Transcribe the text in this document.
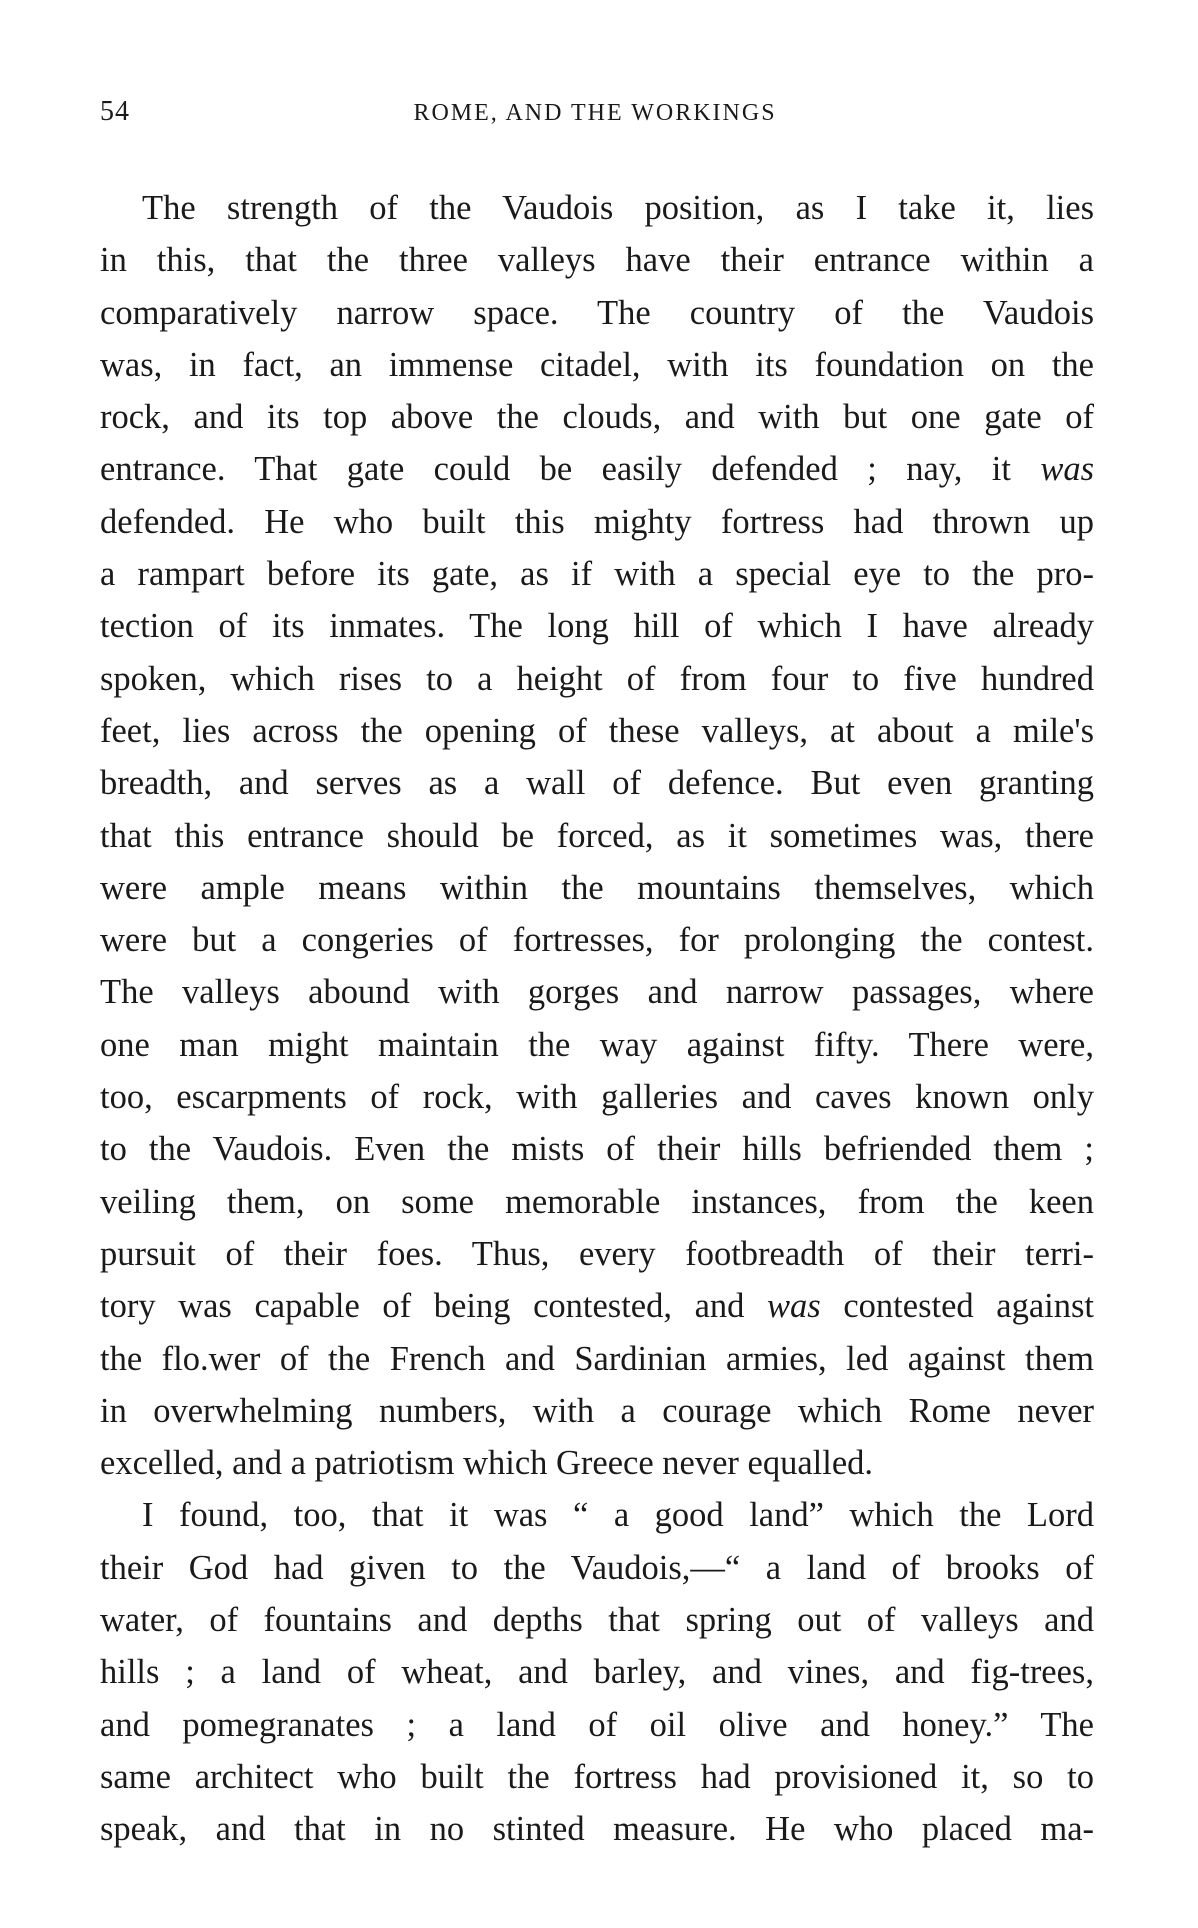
54	ROME, AND THE WORKINGS
The strength of the Vaudois position, as I take it, lies
in this, that the three valleys have their entrance within a
comparatively narrow space. The country of the Vaudois
was, in fact, an immense citadel, with its foundation on the
rock, and its top above the clouds, and with but one gate of
entrance. That gate could be easily defended ; nay, it was
defended. He who built this mighty fortress had thrown up
a rampart before its gate, as if with a special eye to the pro-
tection of its inmates. The long hill of which I have already
spoken, which rises to a height of from four to five hundred
feet, lies across the opening of these valleys, at about a mile's
breadth, and serves as a wall of defence. But even granting
that this entrance should be forced, as it sometimes was, there
were ample means within the mountains themselves, which
were but a congeries of fortresses, for prolonging the contest.
The valleys abound with gorges and narrow passages, where
one man might maintain the way against fifty. There were,
too, escarpments of rock, with galleries and caves known only
to the Vaudois. Even the mists of their hills befriended them ;
veiling them, on some memorable instances, from the keen
pursuit of their foes. Thus, every footbreadth of their terri-
tory was capable of being contested, and was contested against
the flo.wer of the French and Sardinian armies, led against them
in overwhelming numbers, with a courage which Rome never
excelled, and a patriotism which Greece never equalled.
I found, too, that it was “ a good land” which the Lord
their God had given to the Vaudois,—“ a land of brooks of
water, of fountains and depths that spring out of valleys and
hills ; a land of wheat, and barley, and vines, and fig-trees,
and pomegranates ; a land of oil olive and honey.” The
same architect who built the fortress had provisioned it, so to
speak, and that in no stinted measure. He who placed ma-
